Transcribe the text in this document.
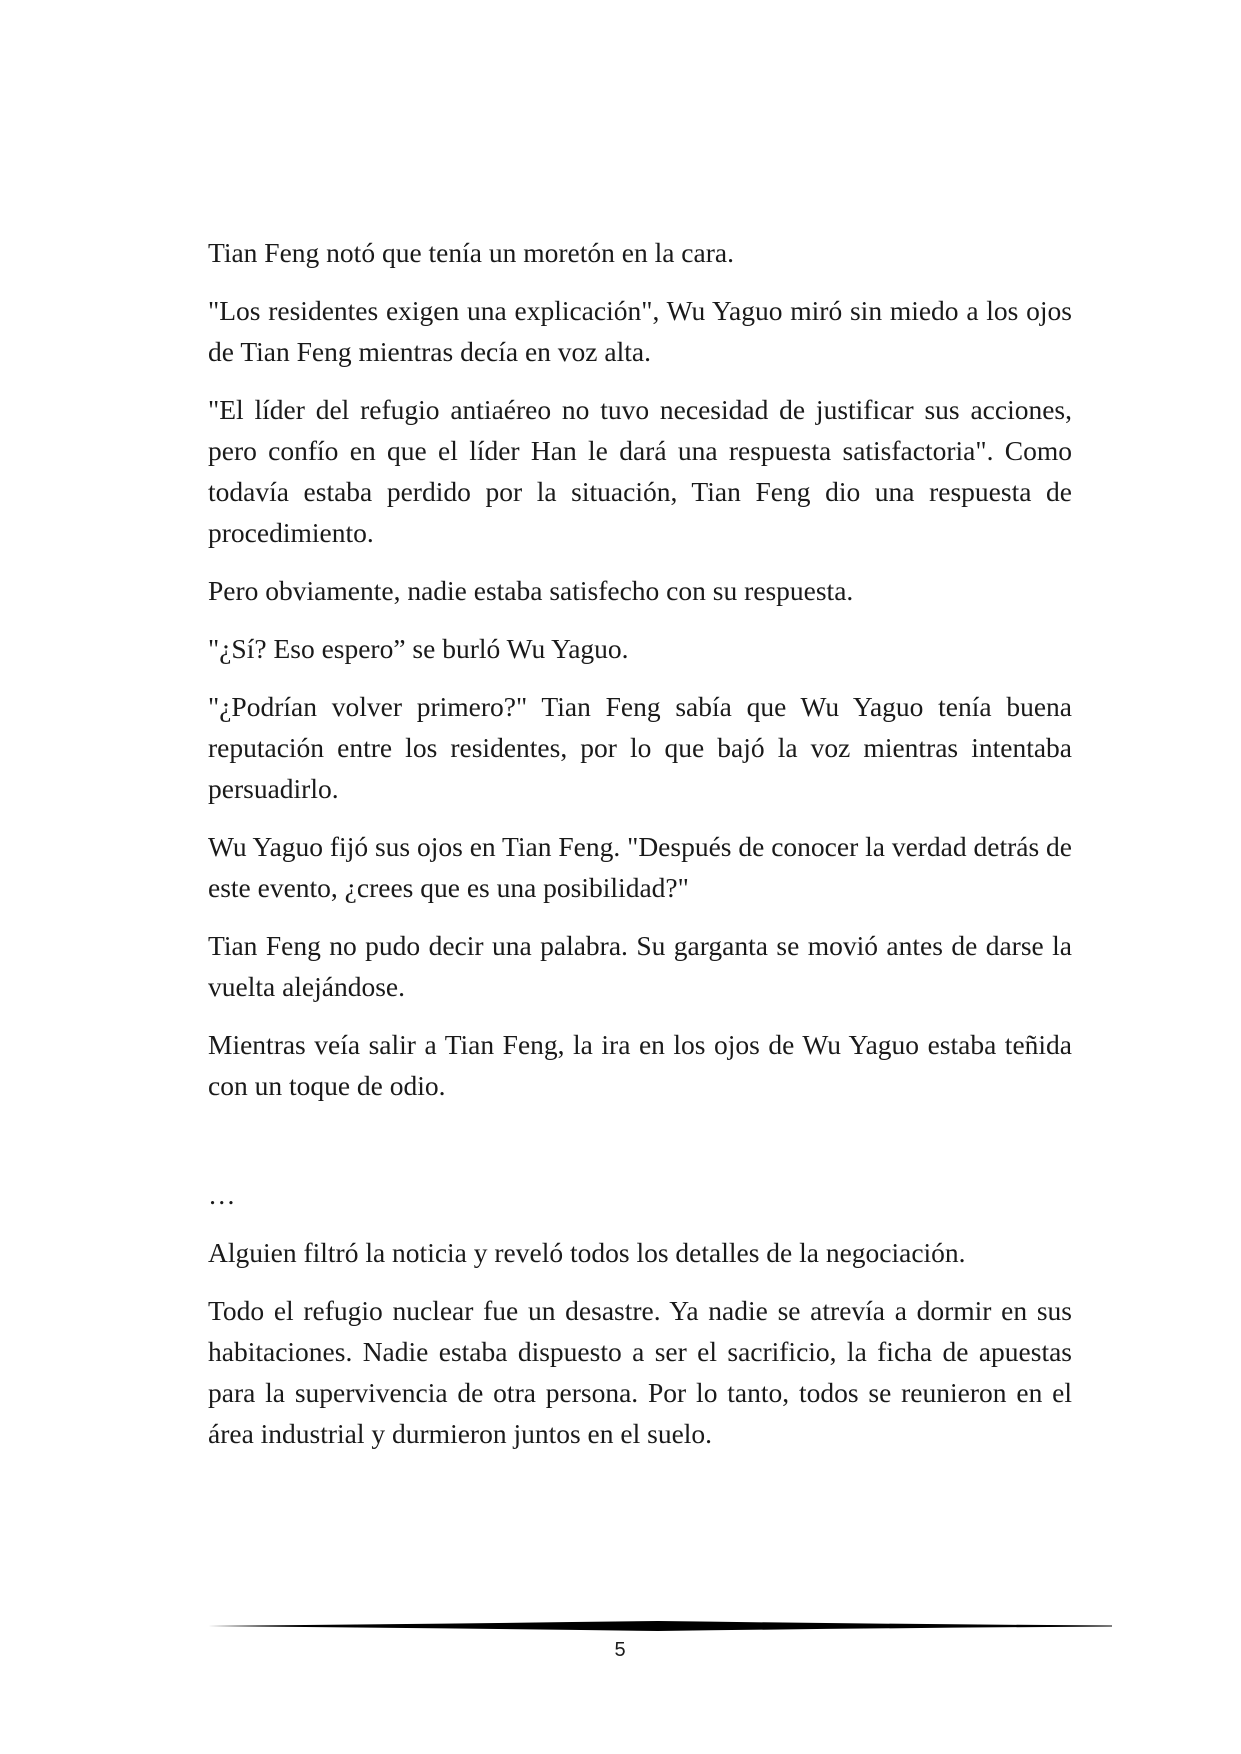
Tian Feng notó que tenía un moretón en la cara.

"Los residentes exigen una explicación", Wu Yaguo miró sin miedo a los ojos de Tian Feng mientras decía en voz alta.

"El líder del refugio antiaéreo no tuvo necesidad de justificar sus acciones, pero confío en que el líder Han le dará una respuesta satisfactoria". Como todavía estaba perdido por la situación, Tian Feng dio una respuesta de procedimiento.

Pero obviamente, nadie estaba satisfecho con su respuesta.

"¿Sí? Eso espero” se burló Wu Yaguo.

"¿Podrían volver primero?" Tian Feng sabía que Wu Yaguo tenía buena reputación entre los residentes, por lo que bajó la voz mientras intentaba persuadirlo.

Wu Yaguo fijó sus ojos en Tian Feng. "Después de conocer la verdad detrás de este evento, ¿crees que es una posibilidad?"

Tian Feng no pudo decir una palabra. Su garganta se movió antes de darse la vuelta alejándose.

Mientras veía salir a Tian Feng, la ira en los ojos de Wu Yaguo estaba teñida con un toque de odio.

…

Alguien filtró la noticia y reveló todos los detalles de la negociación.

Todo el refugio nuclear fue un desastre. Ya nadie se atrevía a dormir en sus habitaciones. Nadie estaba dispuesto a ser el sacrificio, la ficha de apuestas para la supervivencia de otra persona. Por lo tanto, todos se reunieron en el área industrial y durmieron juntos en el suelo.

5
